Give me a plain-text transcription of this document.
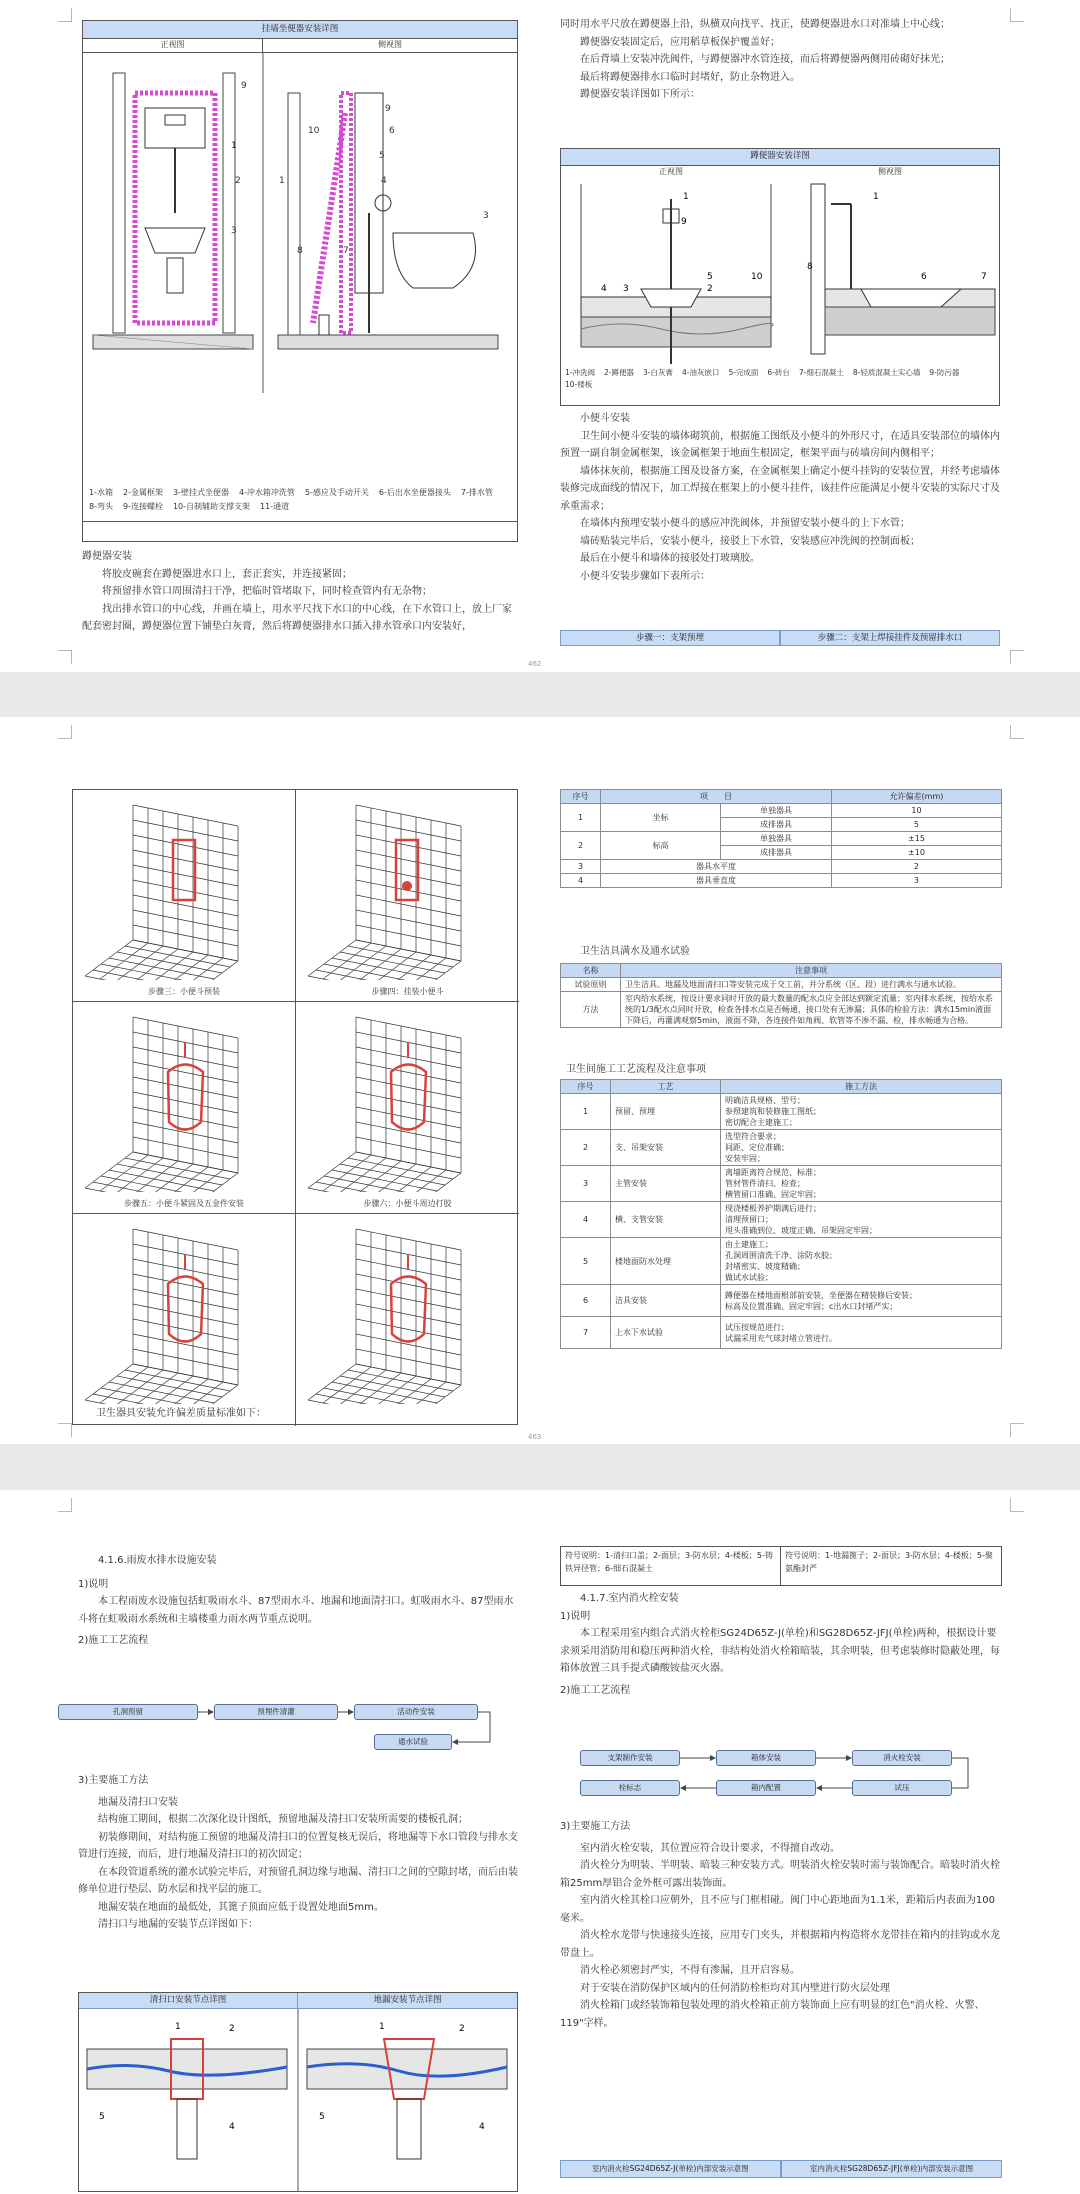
挂墙坐便器安装详图
正视图	侧视图
9
1
2
3
10
9
6
5
4
1
8	7
3
1-水箱 2-金属框架 3-壁挂式坐便器 4-冲水箱冲洗管 5-感应及手动开关 6-后出水坐便器接头 7-排水管8-弯头 9-连接螺栓 10-自制辅助支撑支架 11-通道

蹲便器安装

将胶皮碗套在蹲便器进水口上，套正套实，并连接紧固；

将预留排水管口周围清扫干净，把临时管堵取下，同时检查管内有无杂物；

找出排水管口的中心线，并画在墙上，用水平尺找下水口的中心线，在下水管口上，放上厂家配套密封圈，蹲便器位置下铺垫白灰膏，然后将蹲便器排水口插入排水管承口内安装好，

同时用水平尺放在蹲便器上沿，纵横双向找平、找正，使蹲便器进水口对准墙上中心线；

蹲便器安装固定后，应用稻草板保护覆盖好；

在后背墙上安装冲洗阀件，与蹲便器冲水管连接，而后将蹲便器两侧用砖砌好抹光；

最后将蹲便器排水口临时封堵好，防止杂物进入。

蹲便器安装详图如下所示：

蹲便器安装详图
正视图	侧视图
1
9
5
2
4 3
10
1
8
7
6
1-冲洗阀 2-蹲便器 3-白灰膏 4-油灰嵌口 5-完成面 6-砖台 7-细石混凝土 8-轻质混凝土实心墙 9-防污器10-楼板

小便斗安装

卫生间小便斗安装的墙体砌筑前，根据施工图纸及小便斗的外形尺寸，在适具安装部位的墙体内预置一副自制金属框架，该金属框架于地面生根固定，框架平面与砖墙房间内侧相平；

墙体抹灰前，根据施工图及设备方案，在金属框架上确定小便斗挂钩的安装位置，并经考虑墙体装修完成面线的情况下，加工焊接在框架上的小便斗挂件，该挂件应能满足小便斗安装的实际尺寸及承重需求；

在墙体内预埋安装小便斗的感应冲洗阀体，并预留安装小便斗的上下水管；

墙砖贴装完毕后，安装小便斗，接驳上下水管，安装感应冲洗阀的控制面板；

最后在小便斗和墙体的接驳处打玻璃胶。

小便斗安装步骤如下表所示：

步骤一：支架预埋	步骤二：支架上焊接挂件及预留排水口
462
步骤三：小便斗预装	步骤四：挂装小便斗
步骤五：小便斗紧固及五金件安装	步骤六：小便斗周边打胶
卫生器具安装允许偏差质量标准如下：
序号	项　　目		允许偏差(mm)
1	坐标	单独器具	10
		成排器具	5
2	标高	单独器具	±15
		成排器具	±10
3	器具水平度		2
4	器具垂直度		3
卫生洁具满水及通水试验
名称	注意事项
试验原则	卫生洁具、地漏及地面清扫口等安装完成于交工前，并分系统（区、段）进行满水与通水试验。
方法	室内给水系统，按设计要求同时开放的最大数量的配水点应全部达到额定流量；室内排水系统，按给水系统的1/3配水点同时开放，检查各排水点是否畅通，接口处有无渗漏；具体的检验方法：满水15min液面下降后，再灌满观察5min，液面不降，各连接件如角阀、软管等不渗不漏、检，排水畅通为合格。
卫生间施工工艺流程及注意事项
序号	工艺	施工方法
1	预留、预埋	明确洁具规格、型号；
参照建筑和装修施工图纸；
密切配合主建施工；

2	支、吊架安装	选型符合要求；
间距、定位准确；
安装牢固；

3	主管安装	离墙距离符合规范、标准；
管材管件清扫、检查；
横管留口准确、固定牢固；

4	横、支管安装	现浇楼板养护期满后进行；
清理预留口；
甩头准确到位、坡度正确、吊架固定牢固；

5	楼地面防水处理	由土建施工；
孔洞周围清洗干净、涂防水胶；
封堵密实、坡度精确；
做试水试验；

6	洁具安装	蹲便器在楼地面根部前安装，坐便器在精装修后安装；
标高及位置准确、固定牢固；c出水口封堵严实；

7	上水下水试验	试压按规范进行；
试漏采用充气球封堵立管进行。
463

4.1.6.雨废水排水设施安装

1)说明

本工程雨废水设施包括虹吸雨水斗、87型雨水斗、地漏和地面清扫口。虹吸雨水斗、87型雨水斗将在虹吸雨水系统和主墙楼重力雨水两节重点说明。

2)施工工艺流程

孔洞预留	预埋件清灌	活动件安装
通水试验

3)主要施工方法

地漏及清扫口安装

结构施工期间，根据二次深化设计图纸，预留地漏及清扫口安装所需要的楼板孔洞；

初装修期间，对结构施工预留的地漏及清扫口的位置复核无误后，将地漏等下水口管段与排水支管进行连接，而后，进行地漏及清扫口的初次固定；

在本段管道系统的灌水试验完毕后，对预留孔洞边缘与地漏、清扫口之间的空隙封堵，而后由装修单位进行垫层、防水层和找平层的施工。

地漏安装在地面的最低处，其篦子顶面应低于设置处地面5mm。

清扫口与地漏的安装节点详图如下：

清扫口安装节点详图	地漏安装节点详图
1	2
5
4
1	2
5
4
符号说明：1-清扫口盖；2-面层；3-防水层；4-楼板；5-铸铁异径管；6-细石混凝土
符号说明：1-地漏篦子；2-面层；3-防水层；4-楼板；5-聚氨酯封严

4.1.7.室内消火栓安装

1)说明

本工程采用室内组合式消火栓柜SG24D65Z-J(单栓)和SG28D65Z-JFJ(单栓)两种，根据设计要求须采用消防用和稳压两种消火栓，非结构处消火栓箱暗装，其余明装，但考虑装修时隐蔽处理，每箱体放置三具手提式磷酸铵盐灭火器。

2)施工工艺流程

支架制作安装	箱体安装	消火栓安装
试压
箱内配置
栓标志

3)主要施工方法

室内消火栓安装，其位置应符合设计要求，不得擅自改动。

消火栓分为明装、半明装、暗装三种安装方式。明装消火栓安装时需与装饰配合。暗装时消火栓箱25mm厚铝合金外框可露出装饰面。

室内消火栓其栓口应朝外，且不应与门框相碰。阀门中心距地面为1.1米，距箱后内表面为100毫米。

消火栓水龙带与快速接头连接，应用专门夹头，并根据箱内构造将水龙带挂在箱内的挂钩或水龙带盘上。

消火栓必须密封严实，不得有渗漏，且开启容易。

对于安装在消防保护区域内的任何消防栓柜均对其内壁进行防火层处理

消火栓箱门或经装饰箱包装处理的消火栓箱正前方装饰面上应有明显的红色"消火栓、火警、119"字样。

室内消火栓SG24D65Z-J(单栓)内部安装示意图	室内消火栓SG28D65Z-JFJ(单栓)内部安装示意图
